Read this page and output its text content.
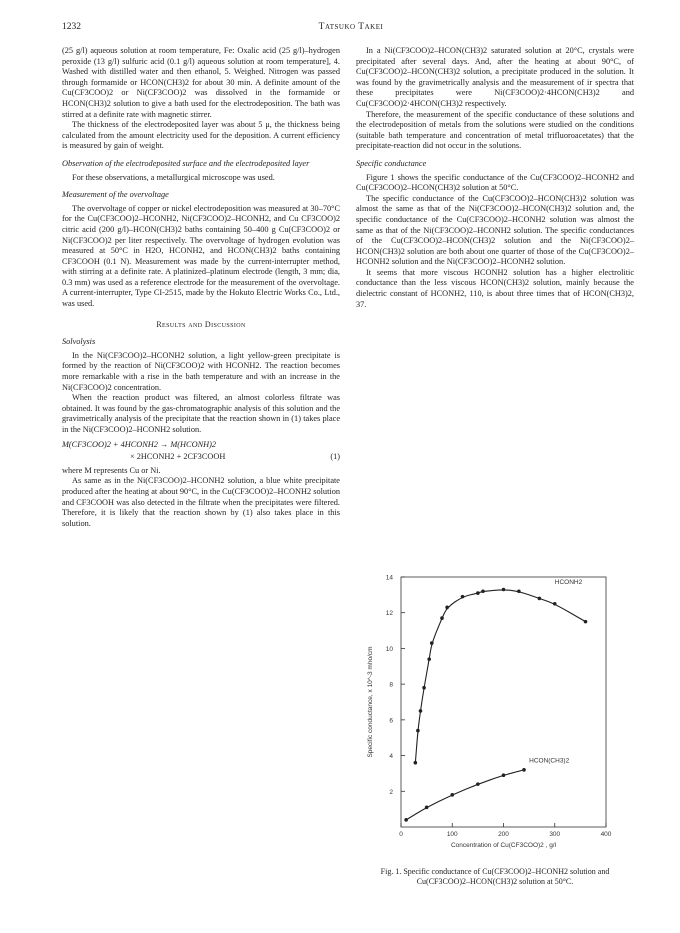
1232	Tatsuko Takei

(25 g/l) aqueous solution at room temperature, Fe: Oxalic acid (25 g/l)–hydrogen peroxide (13 g/l) sulfuric acid (0.1 g/l) aqueous solution at room temperature], 4. Washed with distilled water and then ethanol, 5. Weighed. Nitrogen was passed through formamide or HCON(CH3)2 for about 30 min. A definite amount of the Cu(CF3COO)2 or Ni(CF3COO)2 was dissolved in the formamide or HCON(CH3)2 solution to give a bath used for the electrodeposition. The bath was stirred at a definite rate with magnetic stirrer.

The thickness of the electrodeposited layer was about 5 μ, the thickness being calculated from the amount electricity used for the deposition. A current efficiency is measured by gain of weight.

Observation of the electrodeposited surface and the electrodeposited layer

For these observations, a metallurgical microscope was used.

Measurement of the overvoltage

The overvoltage of copper or nickel electrodeposition was measured at 30–70°C for the Cu(CF3COO)2–HCONH2, Ni(CF3COO)2–HCONH2, and Cu CF3COO)2 citric acid (200 g/l)–HCON(CH3)2 baths containing 50–400 g Cu(CF3COO)2 or Ni(CF3COO)2 per liter respectively. The overvoltage of hydrogen evolution was measured at 50°C in H2O, HCONH2, and HCON(CH3)2 baths containing CF3COOH (0.1 N). Measurement was made by the current-interrupter method, with stirring at a definite rate. A platinized–platinum electrode (length, 3 mm; dia, 0.3 mm) was used as a reference electrode for the measurement of the overvoltage. A current-interrupter, Type CI-2515, made by the Hokuto Electric Works Co., Ltd., was used.

Results and Discussion

Solvolysis

In the Ni(CF3COO)2–HCONH2 solution, a light yellow-green precipitate is formed by the reaction of Ni(CF3COO)2 with HCONH2. The reaction becomes more remarkable with a rise in the bath temperature and with an increase in the Ni(CF3COO)2 concentration.

When the reaction product was filtered, an almost colorless filtrate was obtained. It was found by the gas-chromatographic analysis of this solution and the gravimetrically analysis of the precipitate that the reaction shown in (1) takes place in the Ni(CF3COO)2–HCONH2 solution.

M(CF3COO)2 + 4HCONH2 → M(HCONH)2

× 2HCONH2 + 2CF3COOH	(1)

where M represents Cu or Ni.

As same as in the Ni(CF3COO)2–HCONH2 solution, a blue white precipitate produced after the heating at about 90°C, in the Cu(CF3COO)2–HCONH2 solution and CF3COOH was also detected in the filtrate when the precipitates were filtered. Therefore, it is likely that the reaction shown by (1) also takes place in this solution.

In a Ni(CF3COO)2–HCON(CH3)2 saturated solution at 20°C, crystals were precipitated after several days. And, after the heating at about 90°C, of Cu(CF3COO)2–HCON(CH3)2 solution, a precipitate produced in the solution. It was found by the gravimetrically analysis and the measurement of ir spectra that these precipitates were Ni(CF3COO)2·4HCON(CH3)2 and Cu(CF3COO)2·4HCON(CH3)2 respectively.

Therefore, the measurement of the specific conductance of these solutions and the electrodeposition of metals from the solutions were studied on the conditions (suitable bath temperature and concentration of metal trifluoroacetates) that the precipitate-reaction did not occur in the solutions.

Specific conductance

Figure 1 shows the specific conductance of the Cu(CF3COO)2–HCONH2 and Cu(CF3COO)2–HCON(CH3)2 solution at 50°C.

The specific conductance of the Cu(CF3COO)2–HCON(CH3)2 solution was almost the same as that of the Ni(CF3COO)2–HCON(CH3)2 solution and, the specific conductance of the Cu(CF3COO)2–HCONH2 solution was almost the same as that of the Ni(CF3COO)2–HCONH2 solution. The specific conductances of the Cu(CF3COO)2–HCON(CH3)2 solution and the Ni(CF3COO)2–HCON(CH3)2 solution are both about one quarter of those of the Cu(CF3COO)2–HCONH2 solution and the Ni(CF3COO)2–HCONH2 solution.

It seems that more viscous HCONH2 solution has a higher electrolitic conductance than the less viscous HCON(CH3)2 solution, mainly because the dielectric constant of HCONH2, 110, is about three times that of HCON(CH3)2, 37.

2
4
6
8
10
12
14
0	100	200	300	400
Concentration of Cu(CF3COO)2 , g/l
Specific conductance, x 10^-3 mho/cm
HCONH2
HCON(CH3)2
Fig. 1. Specific conductance of Cu(CF3COO)2–HCONH2 solution and Cu(CF3COO)2–HCON(CH3)2 solution at 50°C.
